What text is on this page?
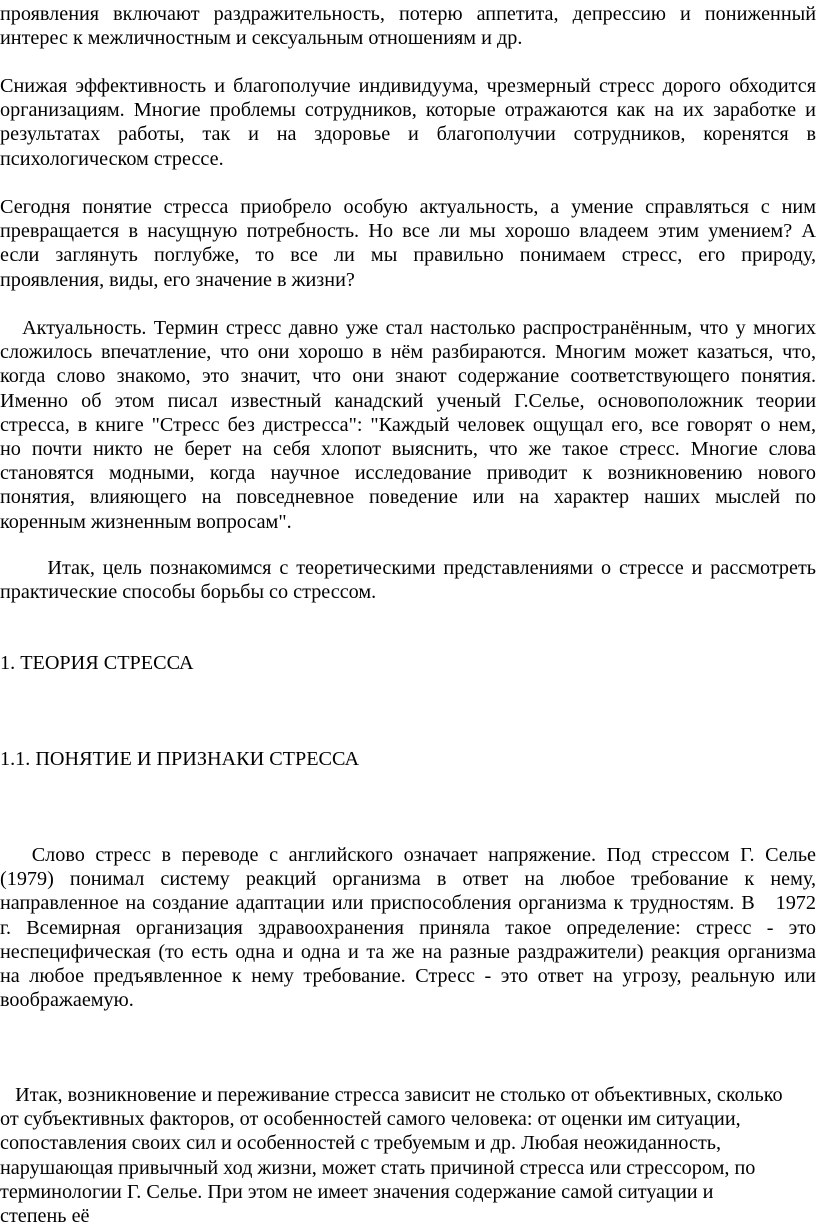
проявления включают раздражительность, потерю аппетита, депрессию и пониженный
интерес к межличностным и сексуальным отношениям и др.
Снижая эффективность и благополучие индивидуума, чрезмерный стресс дорого обходится
организациям. Многие проблемы сотрудников, которые отражаются как на их заработке и
результатах работы, так и на здоровье и благополучии сотрудников, коренятся в
психологическом стрессе.
Сегодня понятие стресса приобрело особую актуальность, а умение справляться с ним
превращается в насущную потребность. Но все ли мы хорошо владеем этим умением? А
если заглянуть поглубже, то все ли мы правильно понимаем стресс, его природу,
проявления, виды, его значение в жизни?
Актуальность. Термин стресс давно уже стал настолько распространённым, что у многих
сложилось впечатление, что они хорошо в нём разбираются. Многим может казаться, что,
когда слово знакомо, это значит, что они знают содержание соответствующего понятия.
Именно об этом писал известный канадский ученый Г.Селье, основоположник теории
стресса, в книге "Стресс без дистресса": "Каждый человек ощущал его, все говорят о нем,
но почти никто не берет на себя хлопот выяснить, что же такое стресс. Многие слова
становятся модными, когда научное исследование приводит к возникновению нового
понятия, влияющего на повседневное поведение или на характер наших мыслей по
коренным жизненным вопросам".
Итак, цель познакомимся с теоретическими представлениями о стрессе и рассмотреть
практические способы борьбы со стрессом.
1. ТЕОРИЯ СТРЕССА
1.1. ПОНЯТИЕ И ПРИЗНАКИ СТРЕССА
Слово стресс в переводе с английского означает напряжение. Под стрессом Г. Селье
(1979) понимал систему реакций организма в ответ на любое требование к нему,
направленное на создание адаптации или приспособления организма к трудностям. В   1972
г. Всемирная организация здравоохранения приняла такое определение: стресс - это
неспецифическая (то есть одна и одна и та же на разные раздражители) реакция организма
на любое предъявленное к нему требование. Стресс - это ответ на угрозу, реальную или
воображаемую.
Итак, возникновение и переживание стресса зависит не столько от объективных, сколько
от субъективных факторов, от особенностей самого человека: от оценки им ситуации,
сопоставления своих сил и особенностей с требуемым и др. Любая неожиданность,
нарушающая привычный ход жизни, может стать причиной стресса или стрессором, по
терминологии Г. Селье. При этом не имеет значения содержание самой ситуации и
степень её
